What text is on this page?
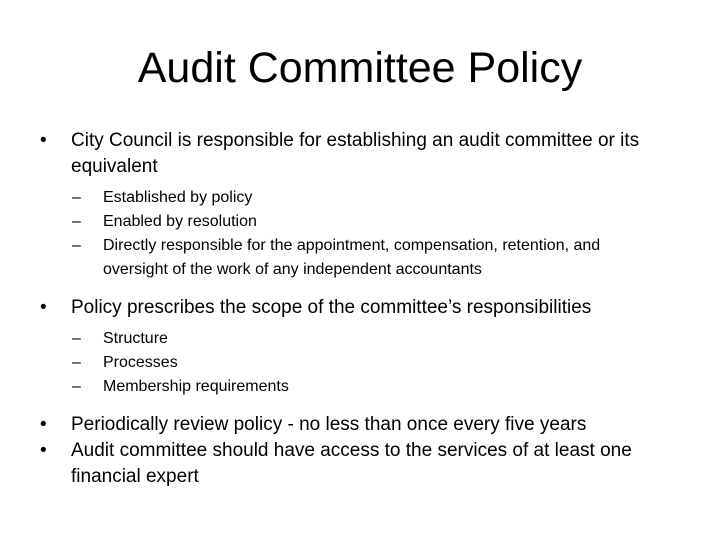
Audit Committee Policy
• City Council is responsible for establishing an audit committee or its equivalent
– Established by policy
– Enabled by resolution
– Directly responsible for the appointment, compensation, retention, and oversight of the work of any independent accountants
• Policy prescribes the scope of the committee’s responsibilities
– Structure
– Processes
– Membership requirements
• Periodically review policy - no less than once every five years
• Audit committee should have access to the services of at least one financial expert
